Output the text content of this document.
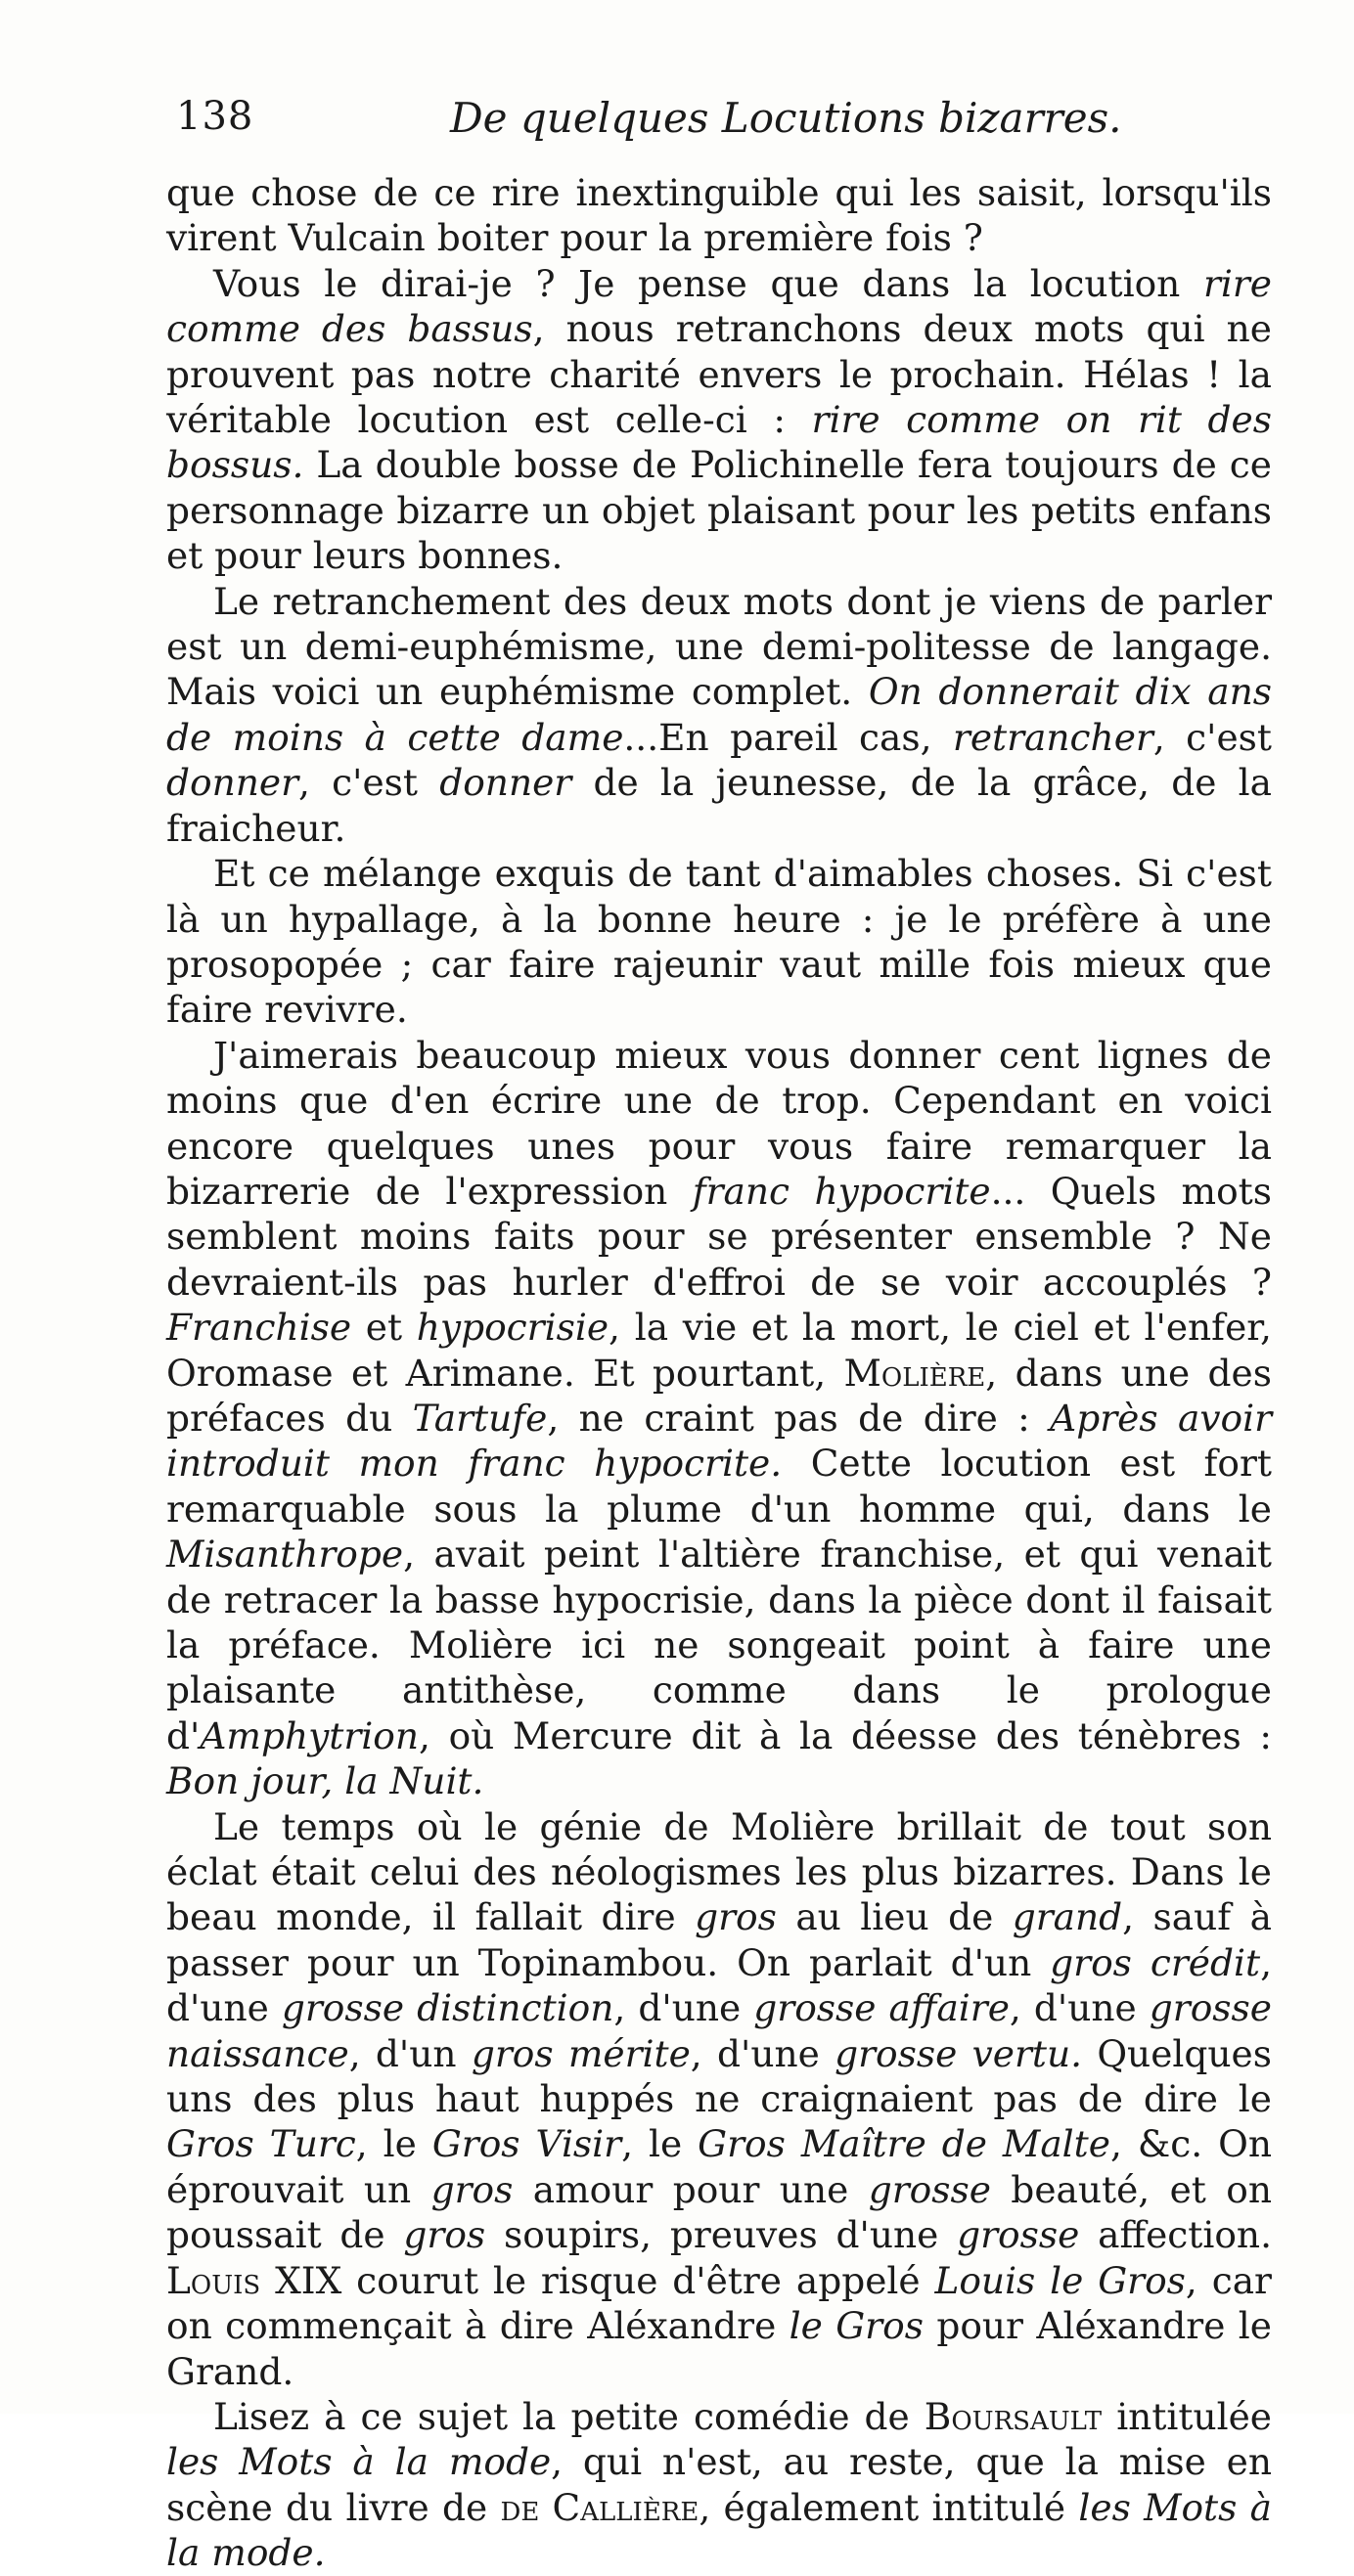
138	De quelques Locutions bizarres.

que chose de ce rire inextinguible qui les saisit, lorsqu'ils virent Vulcain boiter pour la première fois ?

Vous le dirai-je ? Je pense que dans la locution rire comme des bassus, nous retranchons deux mots qui ne prouvent pas notre charité envers le prochain. Hélas ! la véritable locution est celle-ci : rire comme on rit des bossus. La double bosse de Polichinelle fera toujours de ce personnage bizarre un objet plaisant pour les petits enfans et pour leurs bonnes.

Le retranchement des deux mots dont je viens de parler est un demi-euphémisme, une demi-politesse de langage. Mais voici un euphémisme complet. On donnerait dix ans de moins à cette dame...En pareil cas, retrancher, c'est donner, c'est donner de la jeunesse, de la grâce, de la fraicheur.

Et ce mélange exquis de tant d'aimables choses. Si c'est là un hypallage, à la bonne heure : je le préfère à une prosopopée ; car faire rajeunir vaut mille fois mieux que faire revivre.

J'aimerais beaucoup mieux vous donner cent lignes de moins que d'en écrire une de trop. Cependant en voici encore quelques unes pour vous faire remarquer la bizarrerie de l'expression franc hypocrite... Quels mots semblent moins faits pour se présenter ensemble ? Ne devraient-ils pas hurler d'effroi de se voir accouplés ? Franchise et hypocrisie, la vie et la mort, le ciel et l'enfer, Oromase et Arimane. Et pourtant, Molière, dans une des préfaces du Tartufe, ne craint pas de dire : Après avoir introduit mon franc hypocrite. Cette locution est fort remarquable sous la plume d'un homme qui, dans le Misanthrope, avait peint l'altière franchise, et qui venait de retracer la basse hypocrisie, dans la pièce dont il faisait la préface. Molière ici ne songeait point à faire une plaisante antithèse, comme dans le prologue d'Amphytrion, où Mercure dit à la déesse des ténèbres : Bon jour, la Nuit.

Le temps où le génie de Molière brillait de tout son éclat était celui des néologismes les plus bizarres. Dans le beau monde, il fallait dire gros au lieu de grand, sauf à passer pour un Topinambou. On parlait d'un gros crédit, d'une grosse distinction, d'une grosse affaire, d'une grosse naissance, d'un gros mérite, d'une grosse vertu. Quelques uns des plus haut huppés ne craignaient pas de dire le Gros Turc, le Gros Visir, le Gros Maître de Malte, &c. On éprouvait un gros amour pour une grosse beauté, et on poussait de gros soupirs, preuves d'une grosse affection. Louis XIX courut le risque d'être appelé Louis le Gros, car on commençait à dire Aléxandre le Gros pour Aléxandre le Grand.

Lisez à ce sujet la petite comédie de Boursault intitulée les Mots à la mode, qui n'est, au reste, que la mise en scène du livre de de Callière, également intitulé les Mots à la mode.
